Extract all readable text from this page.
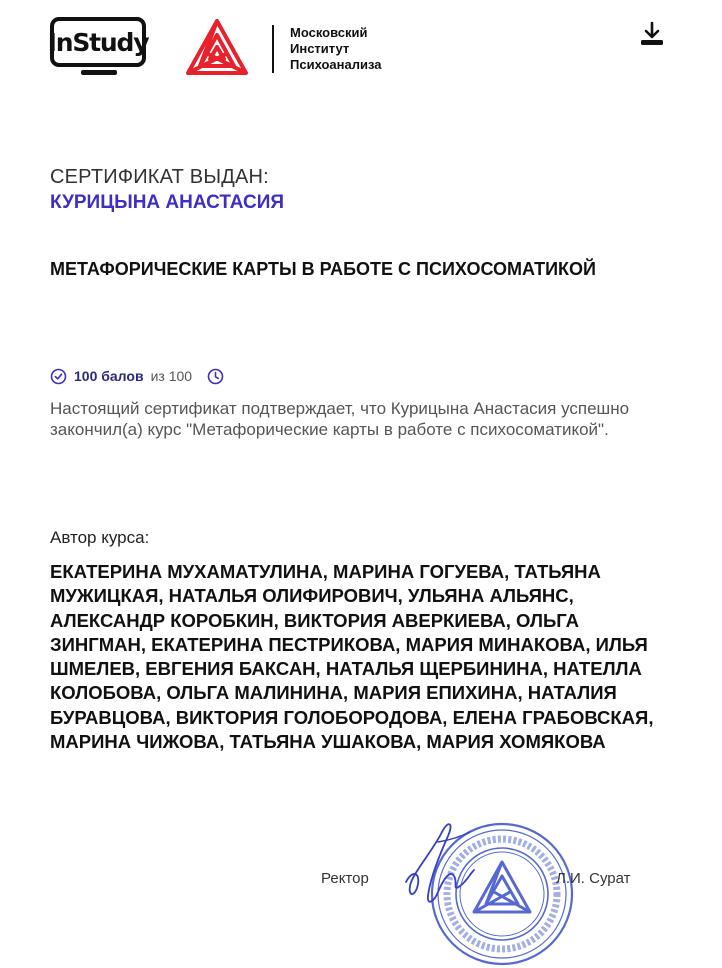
InStudy	Московский
Институт
Психоанализа
СЕРТИФИКАТ ВЫДАН:
КУРИЦЫНА АНАСТАСИЯ
МЕТАФОРИЧЕСКИЕ КАРТЫ В РАБОТЕ С ПСИХОСОМАТИКОЙ
100 балов из 100
Настоящий сертификат подтверждает, что Курицына Анастасия успешно закончил(а) курс "Метафорические карты в работе с психосоматикой".
Автор курса:
ЕКАТЕРИНА МУХАМАТУЛИНА, МАРИНА ГОГУЕВА, ТАТЬЯНА МУЖИЦКАЯ, НАТАЛЬЯ ОЛИФИРОВИЧ, УЛЬЯНА АЛЬЯНС, АЛЕКСАНДР КОРОБКИН, ВИКТОРИЯ АВЕРКИЕВА, ОЛЬГА ЗИНГМАН, ЕКАТЕРИНА ПЕСТРИКОВА, МАРИЯ МИНАКОВА, ИЛЬЯ ШМЕЛЕВ, ЕВГЕНИЯ БАКСАН, НАТАЛЬЯ ЩЕРБИНИНА, НАТЕЛЛА КОЛОБОВА, ОЛЬГА МАЛИНИНА, МАРИЯ ЕПИХИНА, НАТАЛИЯ БУРАВЦОВА, ВИКТОРИЯ ГОЛОБОРОДОВА, ЕЛЕНА ГРАБОВСКАЯ, МАРИНА ЧИЖОВА, ТАТЬЯНА УШАКОВА, МАРИЯ ХОМЯКОВА
Ректор	Л.И. Сурат
